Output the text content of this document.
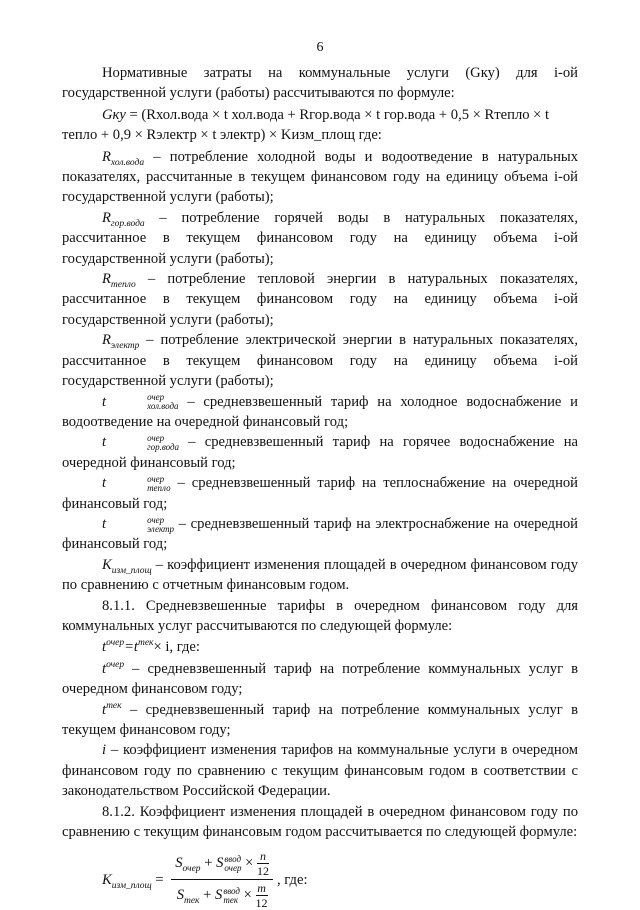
6

Нормативные затраты на коммунальные услуги (Gку) для i-ой государственной услуги (работы) рассчитываются по формуле:

Gку = (Rхол.вода × t хол.вода + Rгор.вода × t гор.вода + 0,5 × Rтепло × t тепло + 0,9 × Rэлектр × t электр) × Kизм_площ где:

$R_{хол.вода}$ – потребление холодной воды и водоотведение в натуральных показателях, рассчитанные в текущем финансовом году на единицу объема i-ой государственной услуги (работы);

$R_{гор.вода}$ – потребление горячей воды в натуральных показателях, рассчитанное в текущем финансовом году на единицу объема i-ой государственной услуги (работы);

$R_{тепло}$ – потребление тепловой энергии в натуральных показателях, рассчитанное в текущем финансовом году на единицу объема i-ой государственной услуги (работы);

$R_{электр}$ – потребление электрической энергии в натуральных показателях, рассчитанное в текущем финансовом году на единицу объема i-ой государственной услуги (работы);

t	очер
хол.вода – средневзвешенный тариф на холодное водоснабжение и водоотведение на очередной финансовый год;

t	очер
гор.вода – средневзвешенный тариф на горячее водоснабжение на очередной финансовый год;

t	очер
тепло – средневзвешенный тариф на теплоснабжение на очередной финансовый год;

t	очер
электр – средневзвешенный тариф на электроснабжение на очередной финансовый год;

$K_{изм\_площ}$ – коэффициент изменения площадей в очередном финансовом году по сравнению с отчетным финансовым годом.

8.1.1. Средневзвешенные тарифы в очередном финансовом году для коммунальных услуг рассчитываются по следующей формуле:

$t^{очер}=t^{тек}\times i$, где:

$t^{очер}$ – средневзвешенный тариф на потребление коммунальных услуг в очередном финансовом году;

$t^{тек}$ – средневзвешенный тариф на потребление коммунальных услуг в текущем финансовом году;

i – коэффициент изменения тарифов на коммунальные услуги в очередном финансовом году по сравнению с текущим финансовым годом в соответствии с законодательством Российской Федерации.

8.1.2. Коэффициент изменения площадей в очередном финансовом году по сравнению с текущим финансовым годом рассчитывается по следующей формуле:

$K_{изм\_площ}$ =
$S_{очер} + S$ ввод
очер × $\frac{n}{12}$
$S_{тек} + S$ ввод
тек × $\frac{m}{12}$
, где:
